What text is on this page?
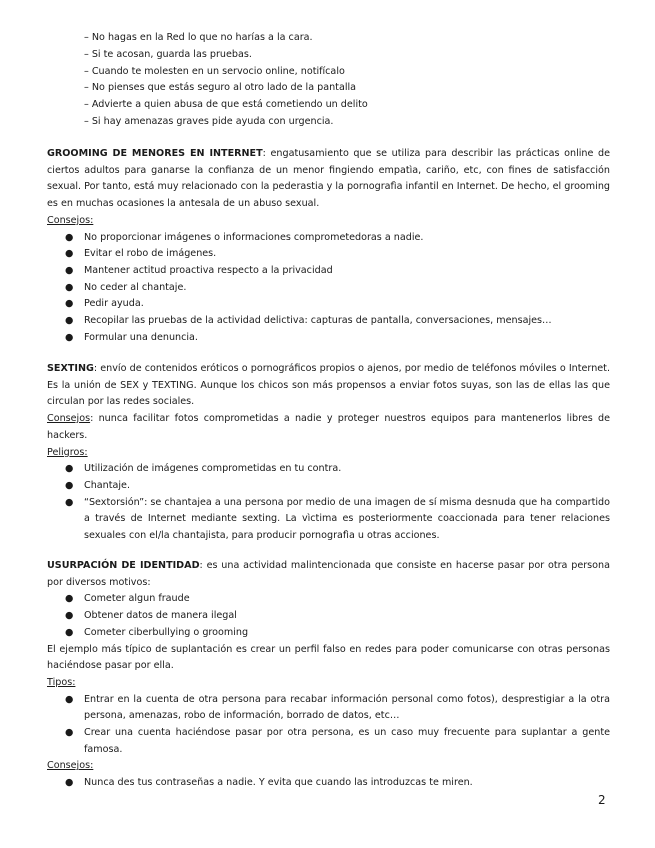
– No hagas en la Red lo que no harías a la cara.
– Si te acosan, guarda las pruebas.
– Cuando te molesten en un servocio online, notifícalo
– No pienses que estás seguro al otro lado de la pantalla
– Advierte a quien abusa de que está cometiendo un delito
– Si hay amenazas graves pide ayuda con urgencia.

GROOMING DE MENORES EN INTERNET: engatusamiento que se utiliza para describir las prácticas online de ciertos adultos para ganarse la confianza de un menor fingiendo empatìa, cariño, etc, con fines de satisfacción sexual. Por tanto, está muy relacionado con la pederastia y la pornografìa infantil en Internet. De hecho, el grooming es en muchas ocasiones la antesala de un abuso sexual.

Consejos:

● No proporcionar imágenes o informaciones comprometedoras a nadie.
● Evitar el robo de imágenes.
● Mantener actitud proactiva respecto a la privacidad
● No ceder al chantaje.
● Pedir ayuda.
● Recopilar las pruebas de la actividad delictiva: capturas de pantalla, conversaciones, mensajes…
● Formular una denuncia.

SEXTING: envío de contenidos eróticos o pornográficos propios o ajenos, por medio de teléfonos móviles o Internet. Es la unión de SEX y TEXTING. Aunque los chicos son más propensos a enviar fotos suyas, son las de ellas las que circulan por las redes sociales.

Consejos: nunca facilitar fotos comprometidas a nadie y proteger nuestros equipos para mantenerlos libres de hackers.

Peligros:

● Utilización de imágenes comprometidas en tu contra.
● Chantaje.
● “Sextorsión”: se chantajea a una persona por medio de una imagen de sí misma desnuda que ha compartido a través de Internet mediante sexting. La vìctima es posteriormente coaccionada para tener relaciones sexuales con el/la chantajista, para producir pornografìa u otras acciones.

USURPACIÓN DE IDENTIDAD: es una actividad malintencionada que consiste en hacerse pasar por otra persona por diversos motivos:

● Cometer algun fraude
● Obtener datos de manera ilegal
● Cometer ciberbullying o grooming

El ejemplo más típico de suplantación es crear un perfil falso en redes para poder comunicarse con otras personas haciéndose pasar por ella.

Tipos:

● Entrar en la cuenta de otra persona para recabar información personal como fotos), desprestigiar a la otra persona, amenazas, robo de información, borrado de datos, etc…
● Crear una cuenta haciéndose pasar por otra persona, es un caso muy frecuente para suplantar a gente famosa.

Consejos:

● Nunca des tus contraseñas a nadie. Y evita que cuando las introduzcas te miren.
2
